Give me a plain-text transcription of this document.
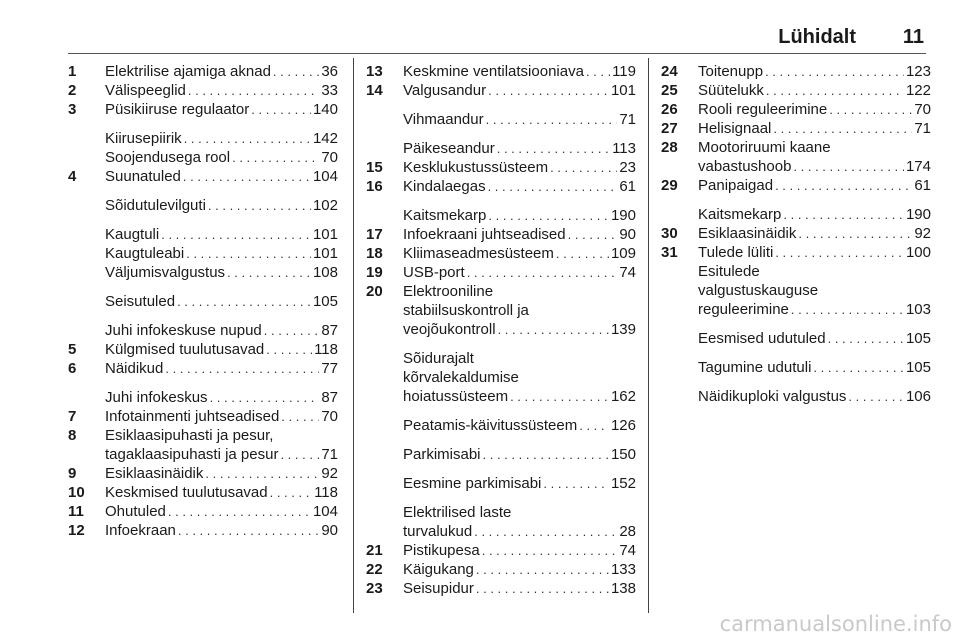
Lühidalt 11
1	Elektrilise ajamiga aknad . . .	36
2	Välispeeglid . . .	33
3	Püsikiiruse regulaator . . .	140
Kiirusepiirik . . .	142
Soojendusega rool . . .	70
4	Suunatuled . . .	104
Sõidutulevilguti . . .	102
Kaugtuli . . .	101
Kaugtuleabi . . .	101
Väljumisvalgustus . . .	108
Seisutuled . . .	105
Juhi infokeskuse nupud . . .	87
5	Külgmised tuulutusavad . . .	118
6	Näidikud . . .	77
Juhi infokeskus . . .	87
7	Infotainmenti juhtseadised . . .	70
8	Esiklaasipuhasti ja pesur,
tagaklaasipuhasti ja pesur . . .	71
9	Esiklaasinäidik . . .	92
10	Keskmised tuulutusavad . . .	118
11	Ohutuled . . .	104
12	Infoekraan . . .	90
13	Keskmine ventilatsiooniava . . . 119
14	Valgusandur . . .	101
Vihmaandur . . .	71
Päikeseandur . . .	113
15	Kesklukustussüsteem . . .	23
16	Kindalaegas . . .	61
Kaitsmekarp . . .	190
17	Infoekraani juhtseadised . . .	90
18	Kliimaseadmesüsteem . . .	109
19	USB-port . . .	74
20	Elektrooniline
stabiilsuskontroll ja
veojõukontroll . . .	139
Sõidurajalt
kõrvalekaldumise
hoiatussüsteem . . .	162
Peatamis-käivitussüsteem . . . 126
Parkimisabi . . .	150
Eesmine parkimisabi . . .	152
Elektrilised laste
turvalukud . . .	28
21	Pistikupesa . . .	74
22	Käigukang . . .	133
23	Seisupidur . . .	138
24	Toitenupp . . .	123
25	Süütelukk . . .	122
26	Rooli reguleerimine . . .	70
27	Helisignaal . . .	71
28	Mootoriruumi kaane
vabastushoob . . .	174
29	Panipaigad . . .	61
Kaitsmekarp . . .	190
30	Esiklaasinäidik . . .	92
31	Tulede lüliti . . .	100
Esitulede
valgustuskauguse
reguleerimine . . .	103
Eesmised udutuled . . .	105
Tagumine udutuli . . .	105
Näidikuploki valgustus . . .	106
carmanualsonline.info
